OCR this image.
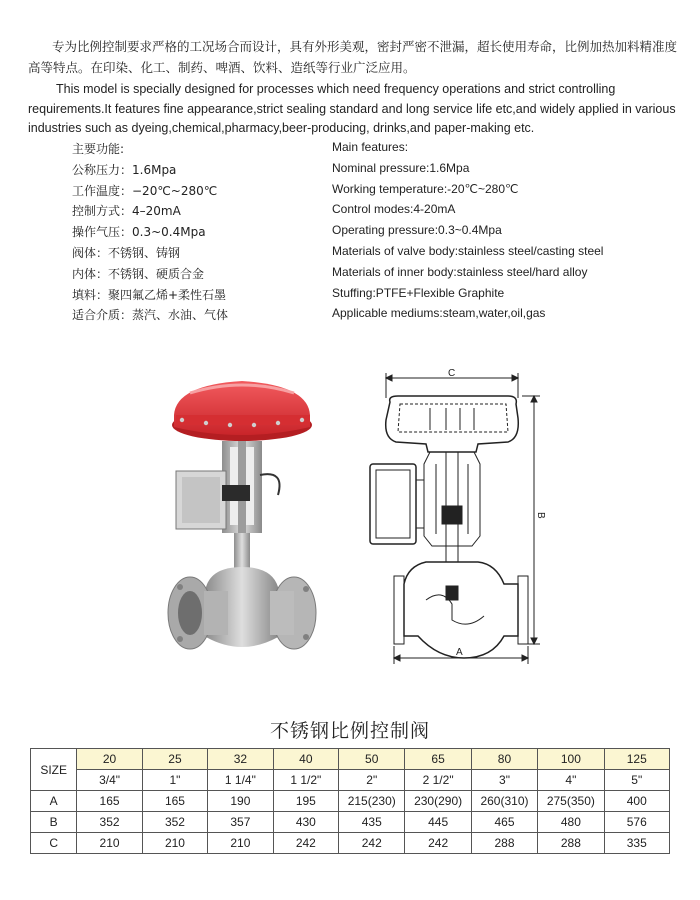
专为比例控制要求严格的工况场合而设计，具有外形美观，密封严密不泄漏，超长使用寿命，比例加热加料精准度高等特点。在印染、化工、制药、啤酒、饮料、造纸等行业广泛应用。
This model is specially designed for processes which need frequency operations and strict controlling requirements.It features fine appearance,strict sealing standard and long service life etc,and widely applied in various industries such as dyeing,chemical,pharmacy,beer-producing, drinks,and paper-making etc.
主要功能:	Main features:
公称压力：1.6Mpa	Nominal pressure:1.6Mpa
工作温度：−20℃~280℃	Working temperature:-20℃~280℃
控制方式：4–20mA	Control modes:4-20mA
操作气压：0.3~0.4Mpa	Operating pressure:0.3~0.4Mpa
阀体：不锈钢、铸钢	Materials of valve body:stainless steel/casting steel
内体：不锈钢、硬质合金	Materials of inner body:stainless steel/hard alloy
填料：聚四氟乙烯+柔性石墨	Stuffing:PTFE+Flexible Graphite
适合介质：蒸汽、水油、气体	Applicable mediums:steam,water,oil,gas
C
B
A
不锈钢比例控制阀
SIZE	20	25	32	40	50	65	80	100	125
	3/4"	1"	1 1/4"	1 1/2"	2"	2 1/2"	3"	4"	5"
A	165	165	190	195	215(230)	230(290)	260(310)	275(350)	400
B	352	352	357	430	435	445	465	480	576
C	210	210	210	242	242	242	288	288	335
